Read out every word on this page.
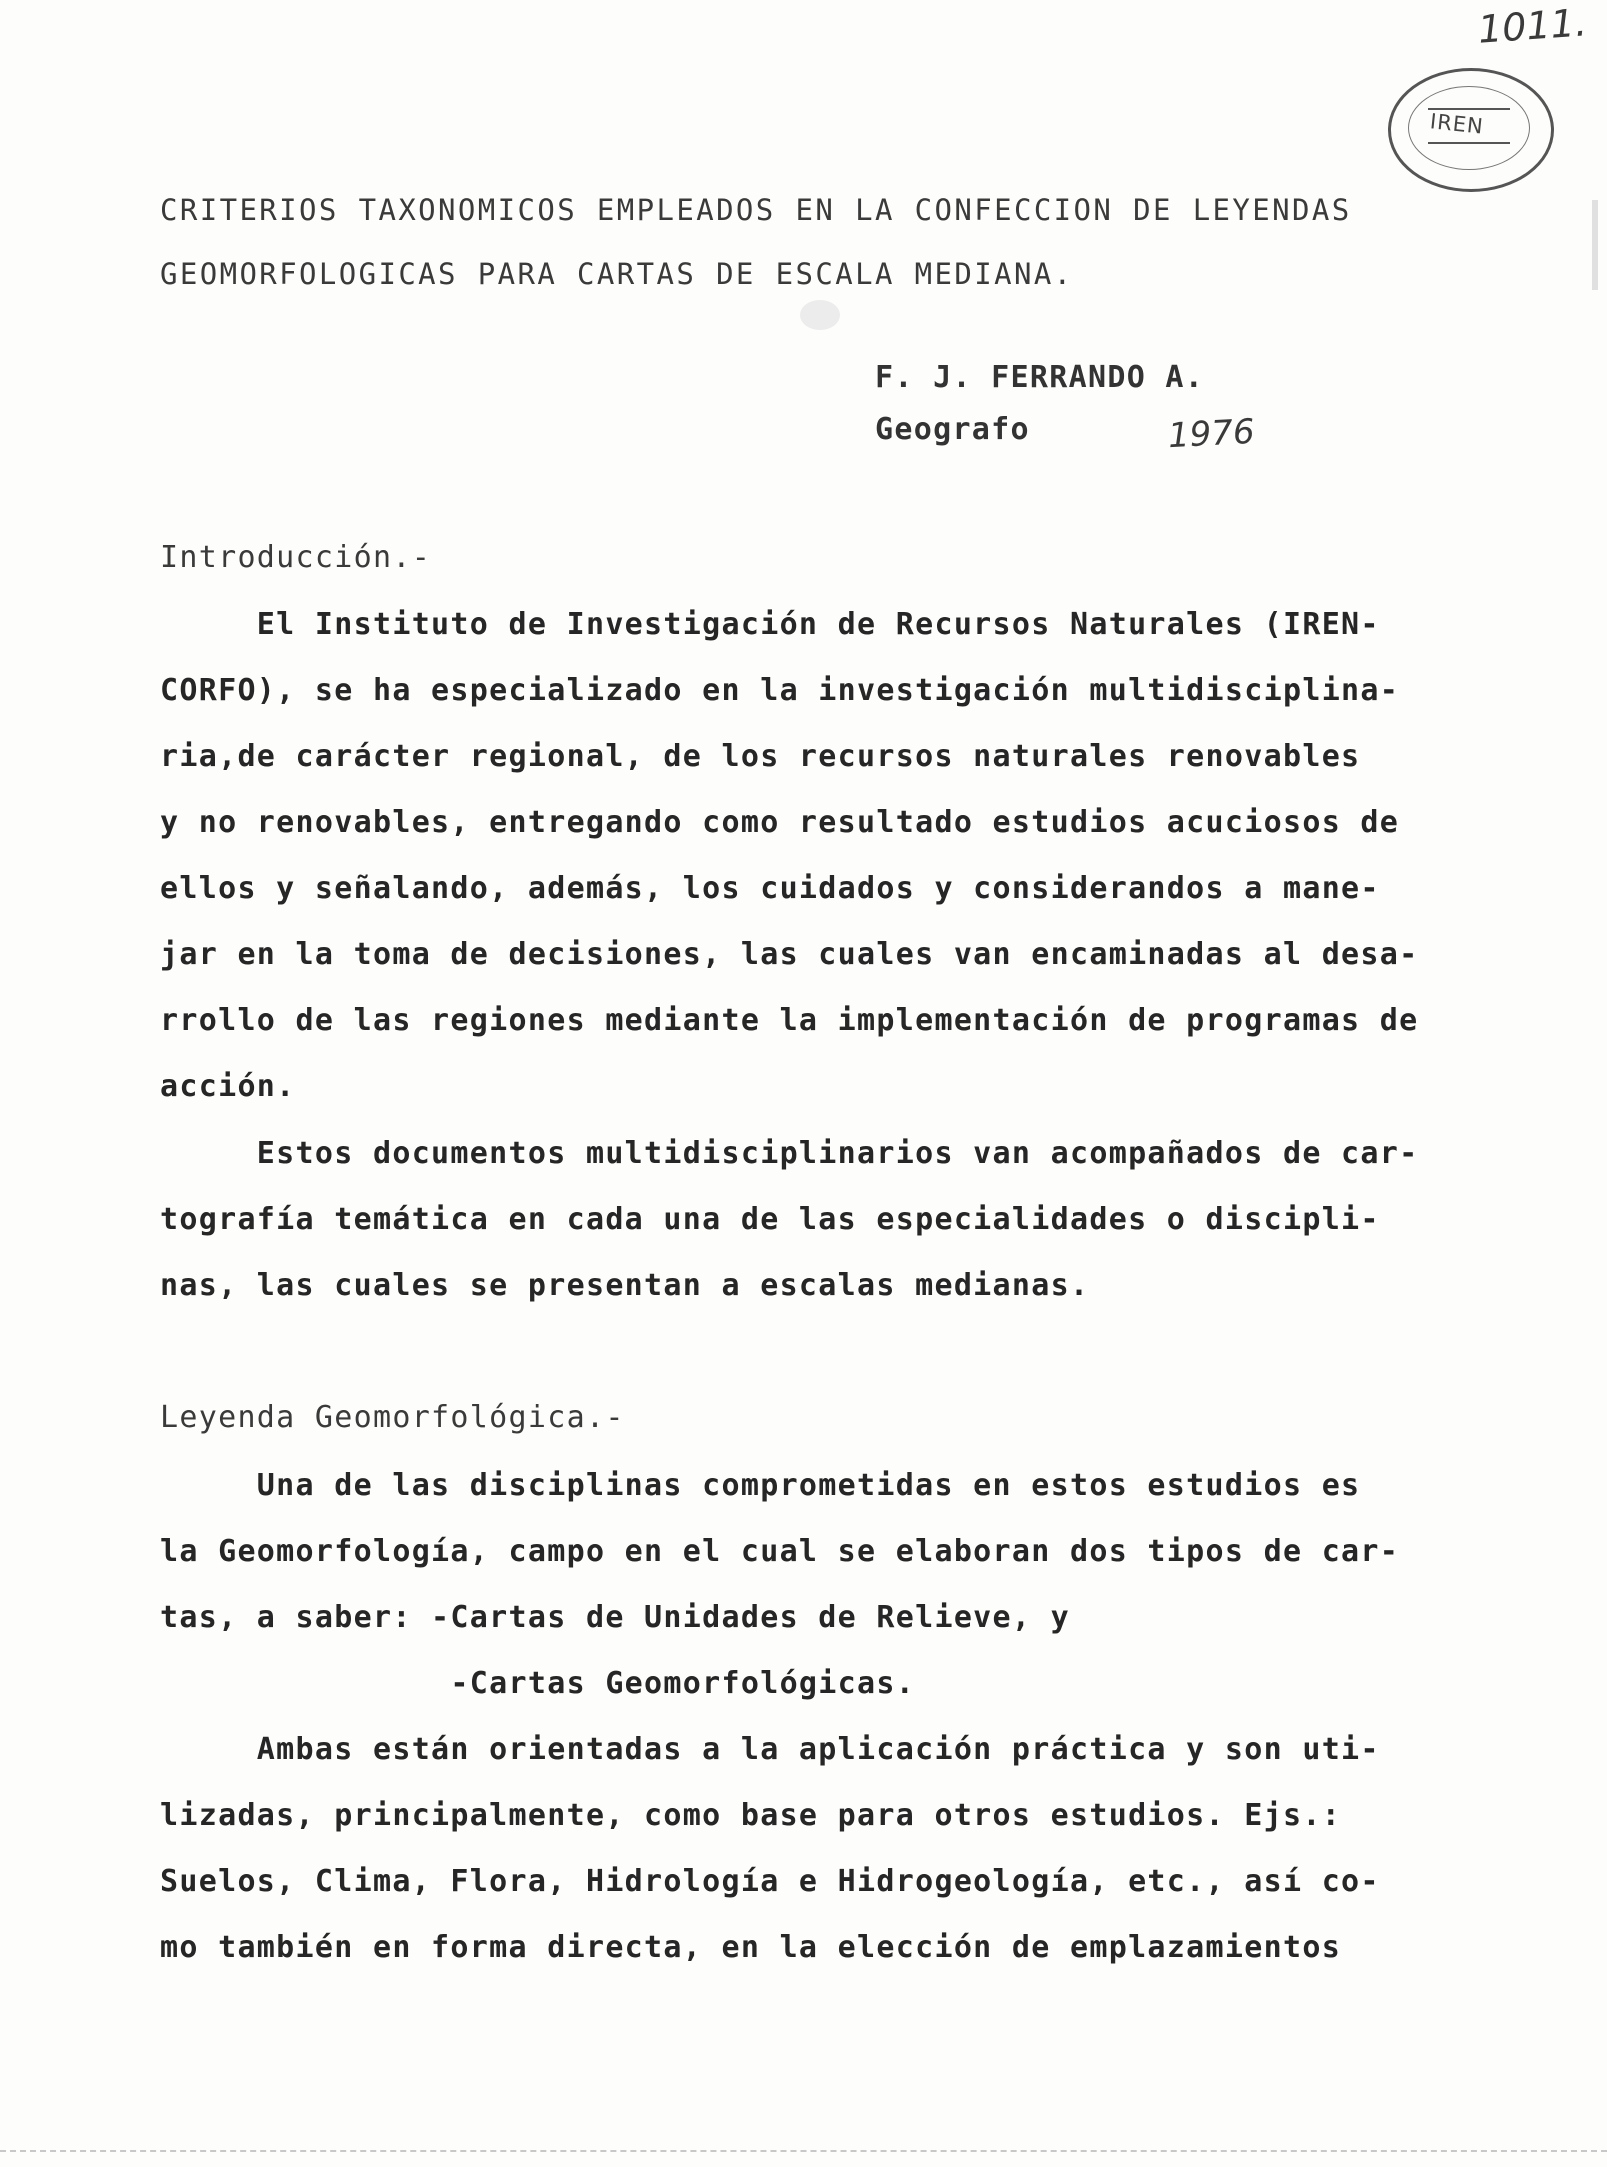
1011.
IREN
CRITERIOS TAXONOMICOS EMPLEADOS EN LA CONFECCION DE LEYENDAS
GEOMORFOLOGICAS PARA CARTAS DE ESCALA MEDIANA.
F. J. FERRANDO A.
Geografo	1976
Introducción.-
El Instituto de Investigación de Recursos Naturales (IREN-
CORFO), se ha especializado en la investigación multidisciplina-
ria,de carácter regional, de los recursos naturales renovables
y no renovables, entregando como resultado estudios acuciosos de
ellos y señalando, además, los cuidados y considerandos a mane-
jar en la toma de decisiones, las cuales van encaminadas al desa-
rrollo de las regiones mediante la implementación de programas de
acción.
Estos documentos multidisciplinarios van acompañados de car-
tografía temática en cada una de las especialidades o discipli-
nas, las cuales se presentan a escalas medianas.
Leyenda Geomorfológica.-
Una de las disciplinas comprometidas en estos estudios es
la Geomorfología, campo en el cual se elaboran dos tipos de car-
tas, a saber: -Cartas de Unidades de Relieve, y
-Cartas Geomorfológicas.
Ambas están orientadas a la aplicación práctica y son uti-
lizadas, principalmente, como base para otros estudios. Ejs.:
Suelos, Clima, Flora, Hidrología e Hidrogeología, etc., así co-
mo también en forma directa, en la elección de emplazamientos
